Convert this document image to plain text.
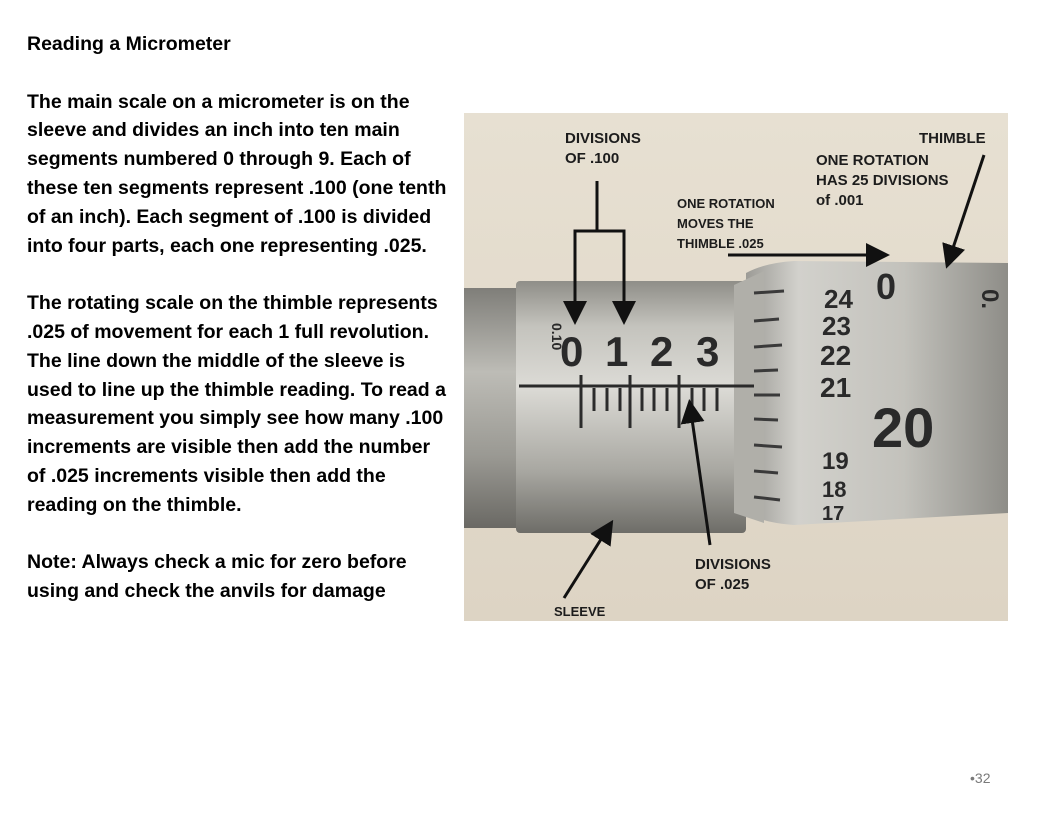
Reading a Micrometer

The main scale on a micrometer is on the sleeve and divides an inch into ten main segments numbered 0 through 9. Each of these ten segments represent .100 (one tenth of an inch). Each segment of .100 is divided into four parts, each one representing .025.

The rotating scale on the thimble represents .025 of movement for each 1 full revolution. The line down the middle of the sleeve is used to line up the thimble reading. To read a measurement you simply see how many .100 increments are visible then add the number of .025 increments visible then add the reading on the thimble.

Note: Always check a mic for zero before using and check the anvils for damage

0 1 2 3
0.10
24
23
22
21
20
19
18
17
0	0.
DIVISIONS
OF .100
THIMBLE
ONE ROTATION
HAS 25 DIVISIONS
of .001
ONE ROTATION
MOVES THE
THIMBLE .025
DIVISIONS
OF .025
SLEEVE
•32
